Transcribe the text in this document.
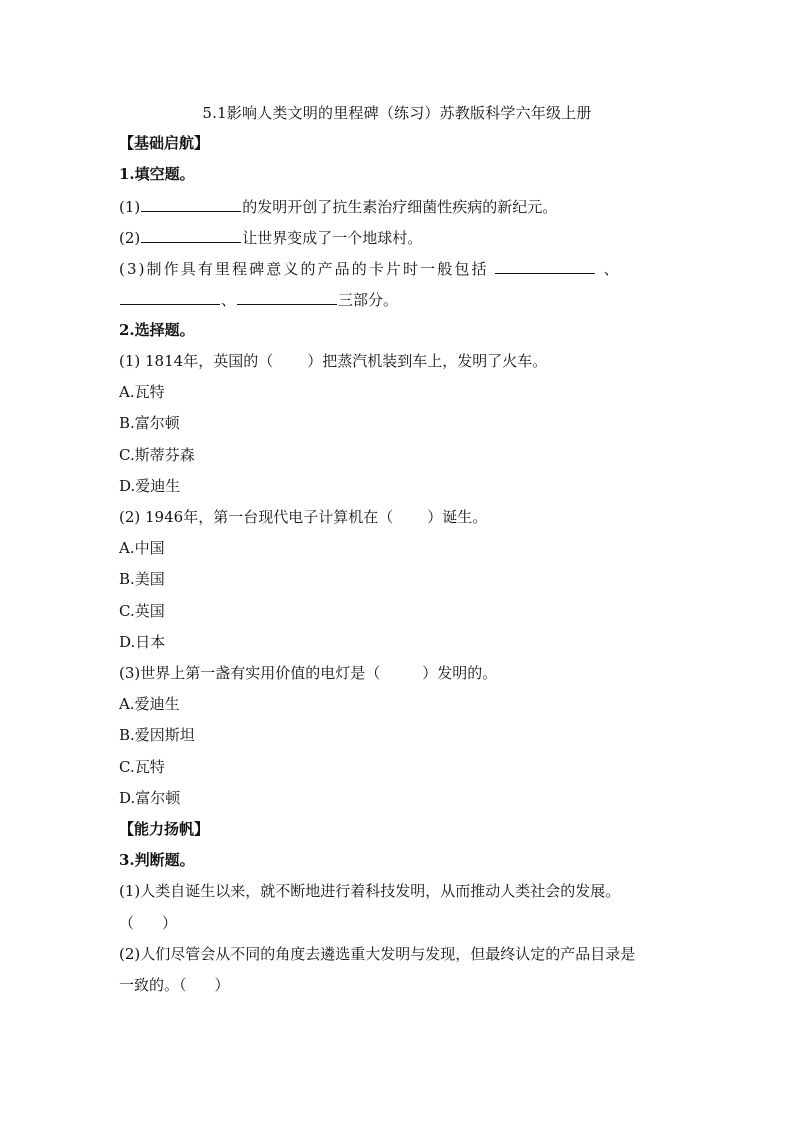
5.1影响人类文明的里程碑（练习）苏教版科学六年级上册
【基础启航】
1.填空题。
(1)	的发明开创了抗生素治疗细菌性疾病的新纪元。
(2)	让世界变成了一个地球村。
(3)制作具有里程碑意义的产品的卡片时一般包括	、
、	三部分。
2.选择题。
(1) 1814年，英国的（ ）把蒸汽机装到车上，发明了火车。
A.瓦特
B.富尔顿
C.斯蒂芬森
D.爱迪生
(2) 1946年，第一台现代电子计算机在（ ）诞生。
A.中国
B.美国
C.英国
D.日本
(3)世界上第一盏有实用价值的电灯是（	）发明的。
A.爱迪生
B.爱因斯坦
C.瓦特
D.富尔顿
【能力扬帆】
3.判断题。
(1)人类自诞生以来，就不断地进行着科技发明，从而推动人类社会的发展。
（ ）
(2)人们尽管会从不同的角度去遴选重大发明与发现，但最终认定的产品目录是
一致的。（ ）
